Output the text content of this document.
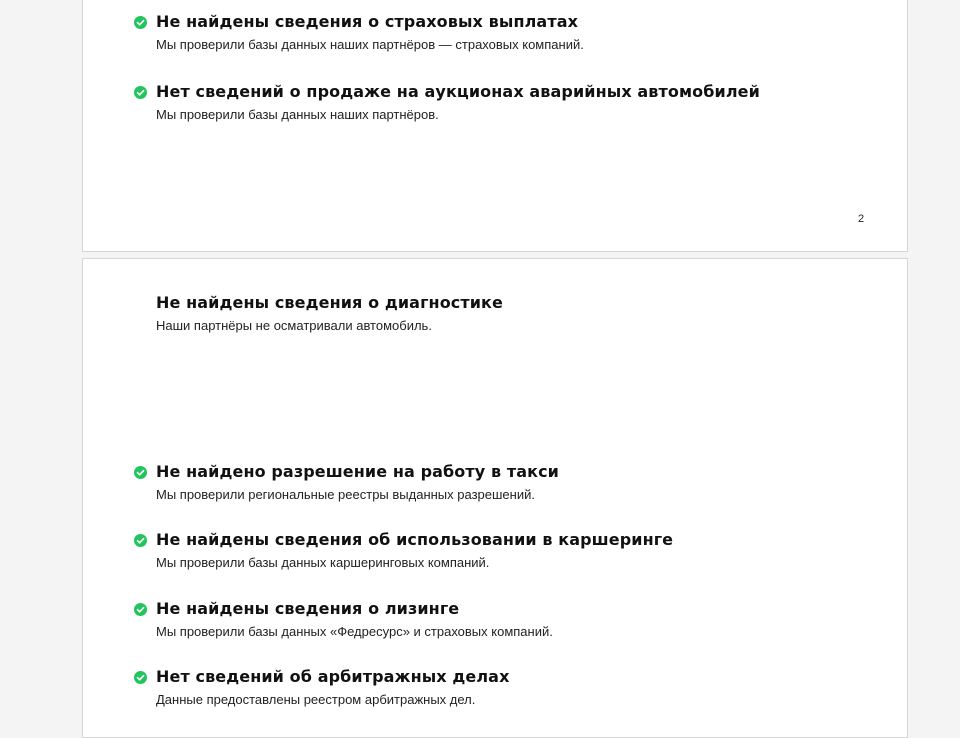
Не найдены сведения о страховых выплатах
Мы проверили базы данных наших партнёров — страховых компаний.
Нет сведений о продаже на аукционах аварийных автомобилей
Мы проверили базы данных наших партнёров.
2
Не найдены сведения о диагностике
Наши партнёры не осматривали автомобиль.
Не найдено разрешение на работу в такси
Мы проверили региональные реестры выданных разрешений.
Не найдены сведения об использовании в каршеринге
Мы проверили базы данных каршеринговых компаний.
Не найдены сведения о лизинге
Мы проверили базы данных «Федресурс» и страховых компаний.
Нет сведений об арбитражных делах
Данные предоставлены реестром арбитражных дел.
